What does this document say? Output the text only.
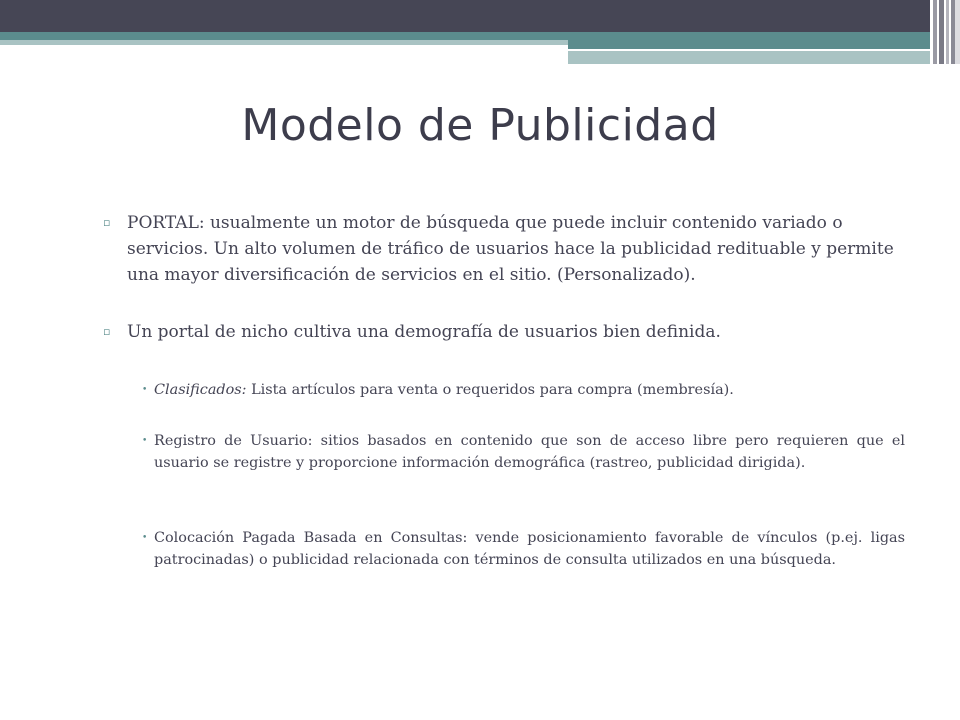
Modelo de Publicidad
▫ PORTAL: usualmente un motor de búsqueda que puede incluir contenido variado o servicios. Un alto volumen de tráfico de usuarios hace la publicidad redituable y permite una mayor diversificación de servicios en el sitio. (Personalizado).
▫ Un portal de nicho cultiva una demografía de usuarios bien definida.
• Clasificados: Lista artículos para venta o requeridos para compra (membresía).
• Registro de Usuario: sitios basados en contenido que son de acceso libre pero requieren que el usuario se registre y proporcione información demográfica (rastreo, publicidad dirigida).
• Colocación Pagada Basada en Consultas: vende posicionamiento favorable de vínculos (p.ej. ligas patrocinadas) o publicidad relacionada con términos de consulta utilizados en una búsqueda.
